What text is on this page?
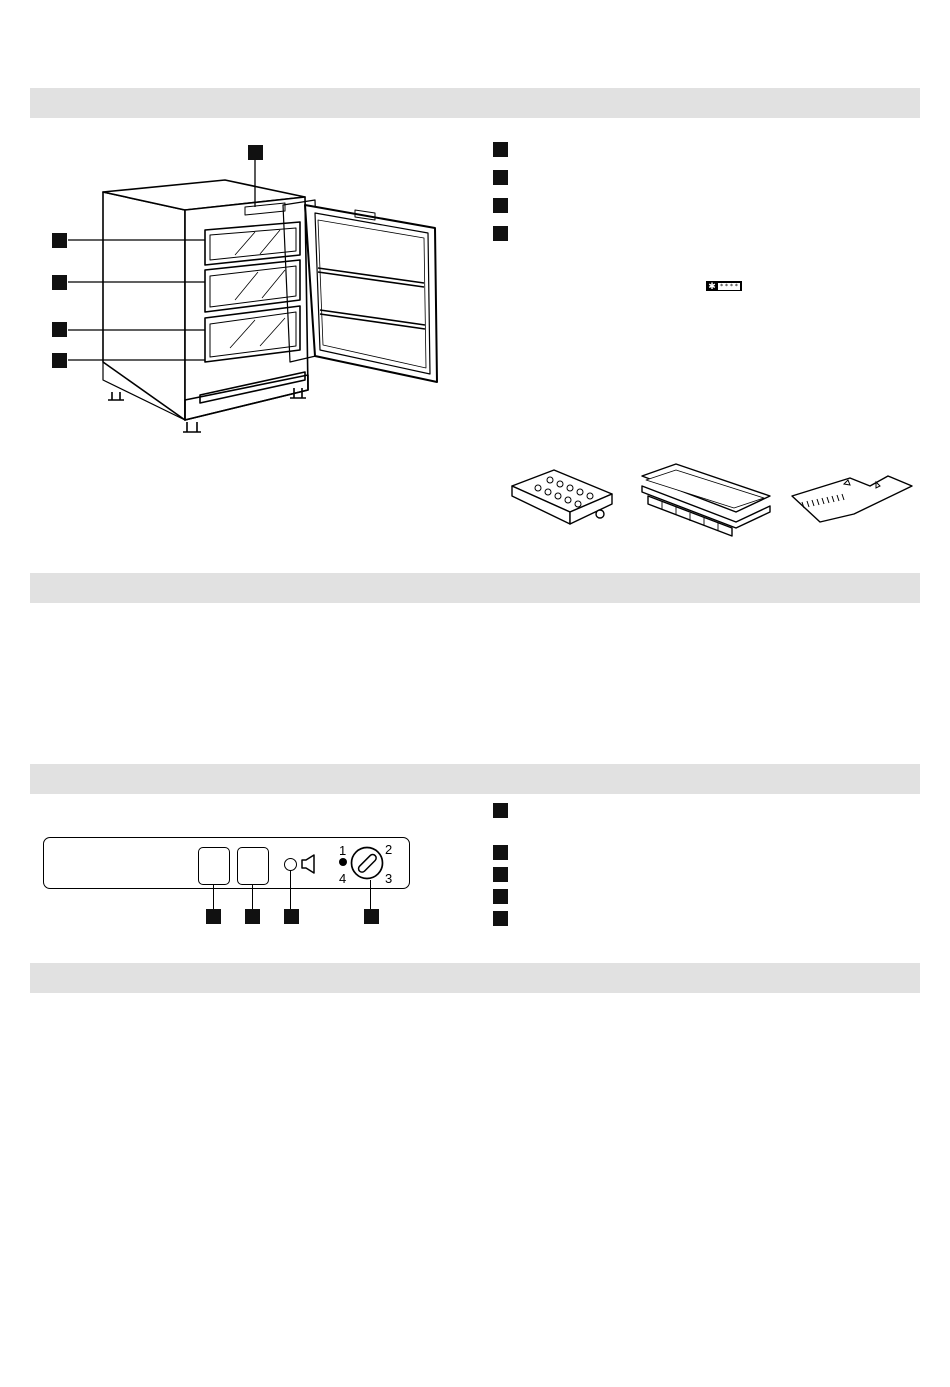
✱ * * * *
1	2
3
4
